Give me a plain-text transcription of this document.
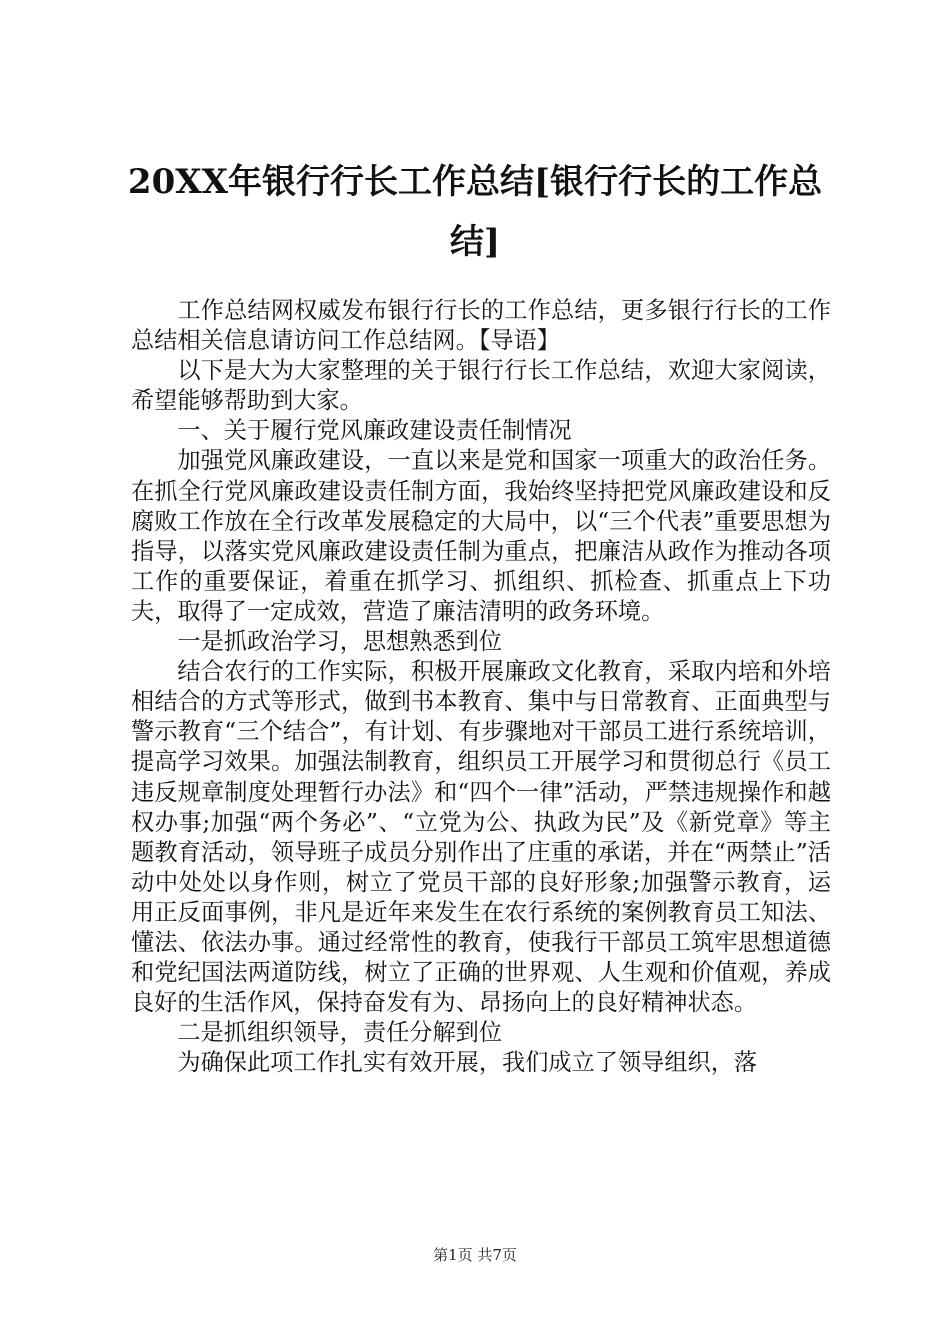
20XX年银行行长工作总结[银行行长的工作总结]

工作总结网权威发布银行行长的工作总结，更多银行行长的工作总结相关信息请访问工作总结网。【导语】

以下是大为大家整理的关于银行行长工作总结，欢迎大家阅读，希望能够帮助到大家。

一、关于履行党风廉政建设责任制情况

加强党风廉政建设，一直以来是党和国家一项重大的政治任务。在抓全行党风廉政建设责任制方面，我始终坚持把党风廉政建设和反腐败工作放在全行改革发展稳定的大局中，以“三个代表”重要思想为指导，以落实党风廉政建设责任制为重点，把廉洁从政作为推动各项工作的重要保证，着重在抓学习、抓组织、抓检查、抓重点上下功夫，取得了一定成效，营造了廉洁清明的政务环境。

一是抓政治学习，思想熟悉到位

结合农行的工作实际，积极开展廉政文化教育，采取内培和外培相结合的方式等形式，做到书本教育、集中与日常教育、正面典型与警示教育“三个结合”，有计划、有步骤地对干部员工进行系统培训，提高学习效果。加强法制教育，组织员工开展学习和贯彻总行《员工违反规章制度处理暂行办法》和“四个一律”活动，严禁违规操作和越权办事;加强“两个务必”、“立党为公、执政为民”及《新党章》等主题教育活动，领导班子成员分别作出了庄重的承诺，并在“两禁止”活动中处处以身作则，树立了党员干部的良好形象;加强警示教育，运用正反面事例，非凡是近年来发生在农行系统的案例教育员工知法、懂法、依法办事。通过经常性的教育，使我行干部员工筑牢思想道德和党纪国法两道防线，树立了正确的世界观、人生观和价值观，养成良好的生活作风，保持奋发有为、昂扬向上的良好精神状态。

二是抓组织领导，责任分解到位

为确保此项工作扎实有效开展，我们成立了领导组织，落

第1页 共7页
